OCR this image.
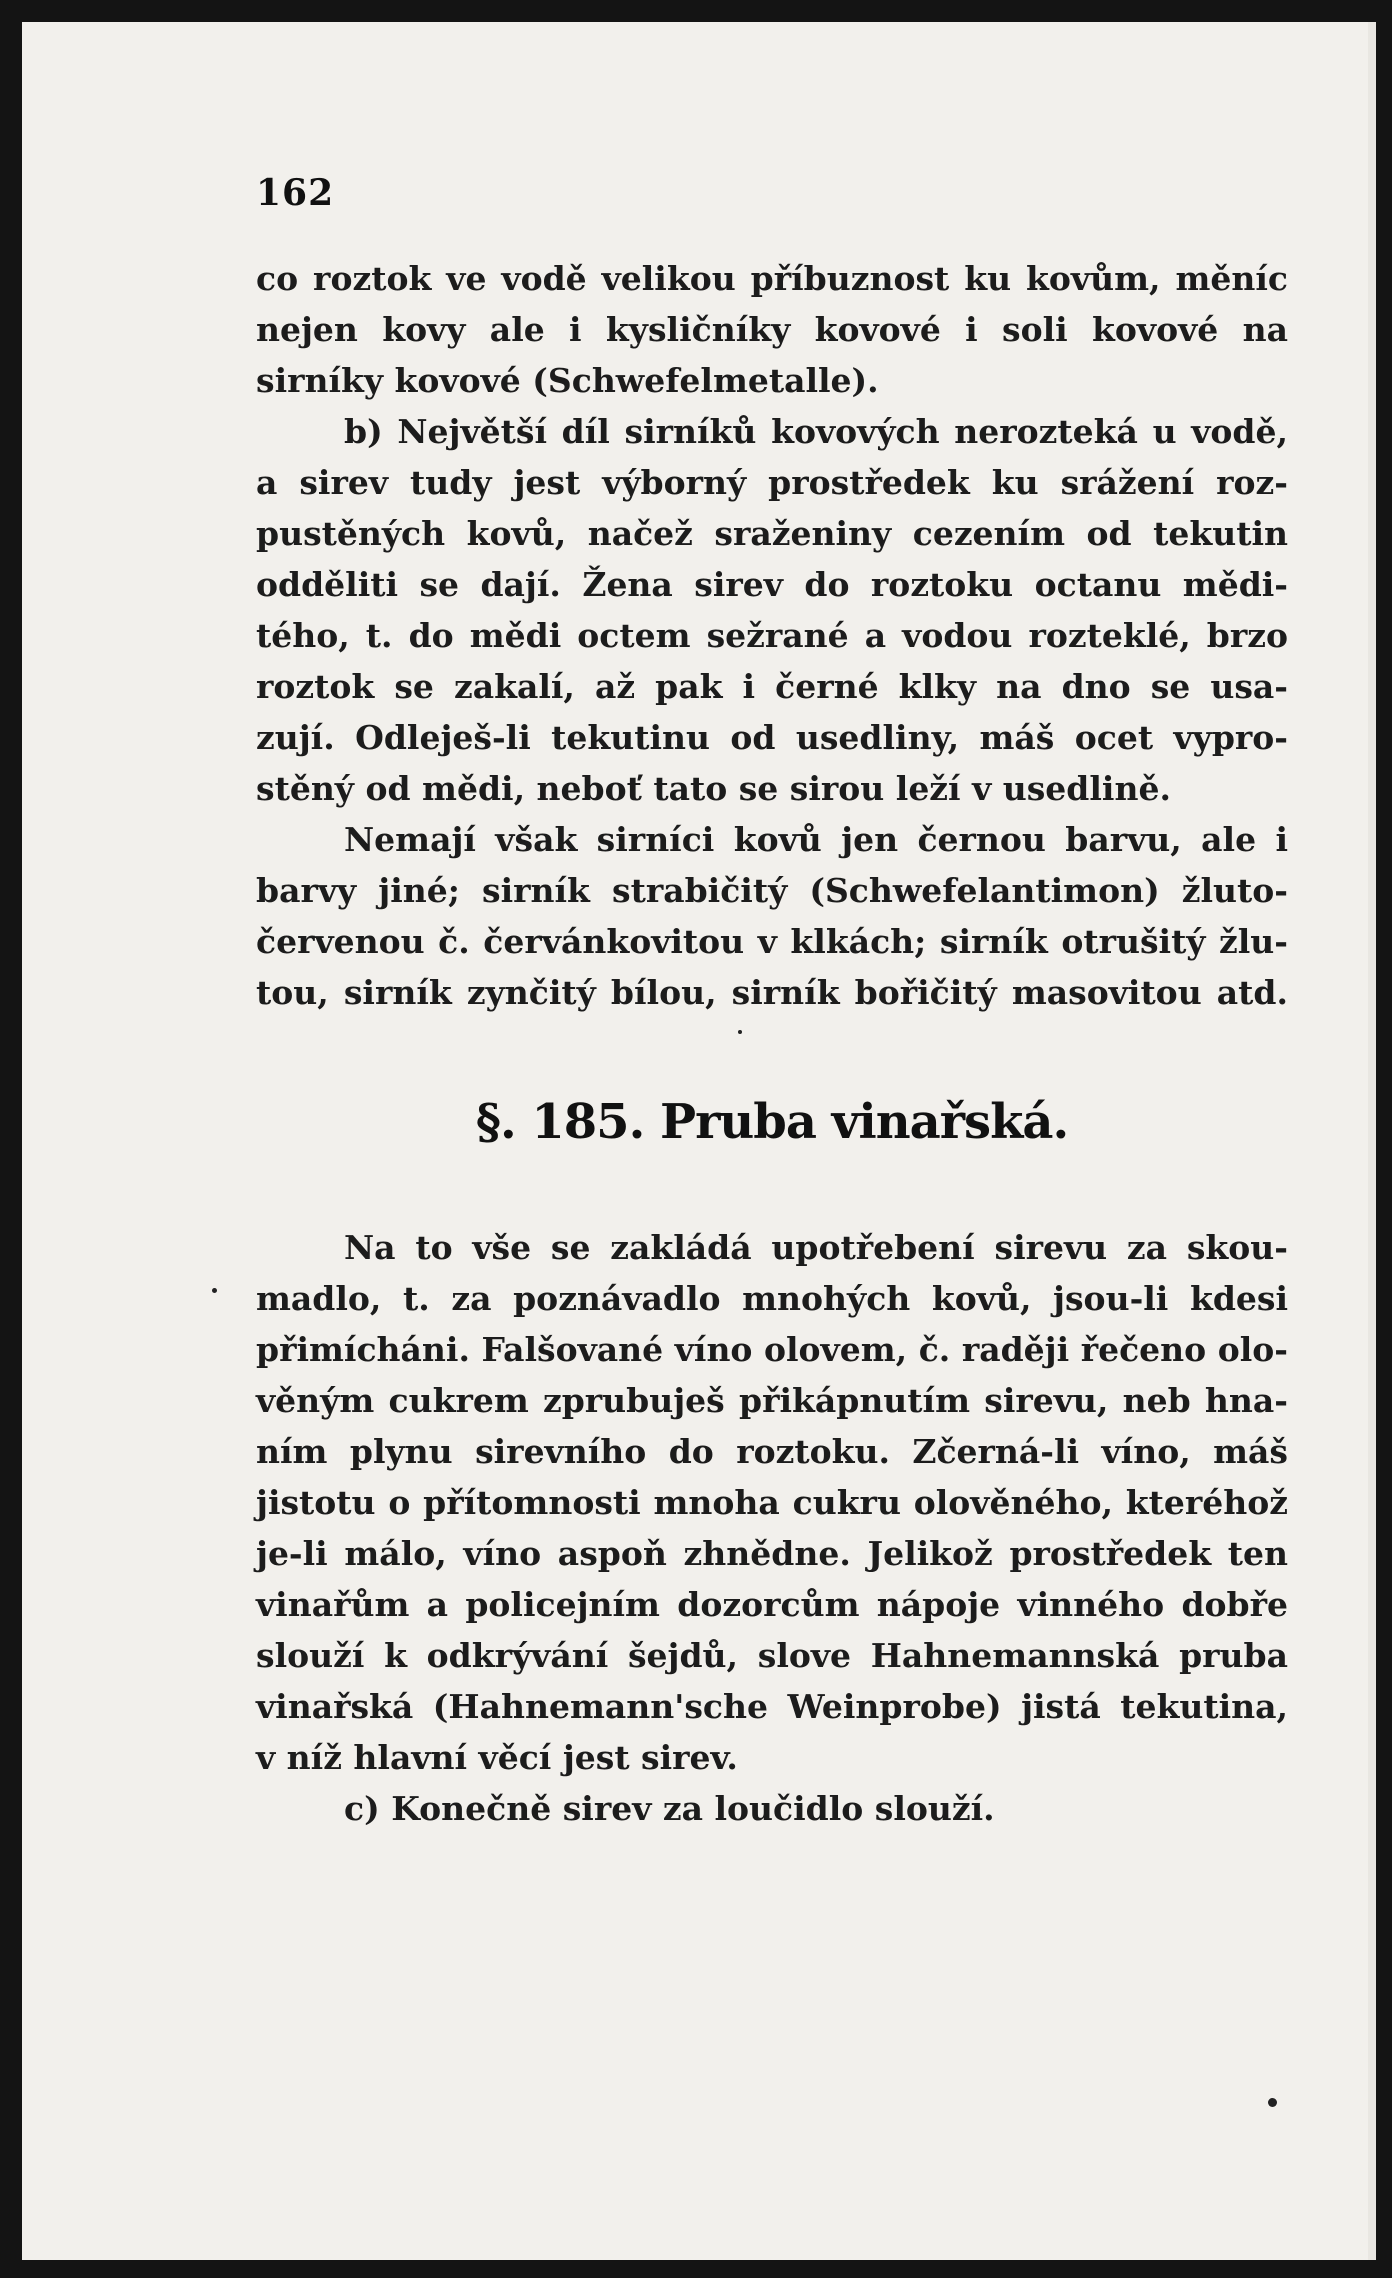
162
co roztok ve vodě velikou příbuznost ku kovům, měníc
nejen kovy ale i kysličníky kovové i soli kovové na
sirníky kovové (Schwefelmetalle).
b) Největší díl sirníků kovových nerozteká u vodě,
a sirev tudy jest výborný prostředek ku srážení roz-
pustěných kovů, načež sraženiny cezením od tekutin
odděliti se dají. Žena sirev do roztoku octanu mědi-
tého, t. do mědi octem sežrané a vodou rozteklé, brzo
roztok se zakalí, až pak i černé klky na dno se usa-
zují. Odleješ-li tekutinu od usedliny, máš ocet vypro-
stěný od mědi, neboť tato se sirou leží v usedlině.
Nemají však sirníci kovů jen černou barvu, ale i
barvy jiné; sirník strabičitý (Schwefelantimon) žluto-
červenou č. červánkovitou v klkách; sirník otrušitý žlu-
tou, sirník zynčitý bílou, sirník bořičitý masovitou atd.
§. 185. Pruba vinařská.
Na to vše se zakládá upotřebení sirevu za skou-
madlo, t. za poznávadlo mnohých kovů, jsou-li kdesi
přimícháni. Falšované víno olovem, č. raději řečeno olo-
věným cukrem zprubuješ přikápnutím sirevu, neb hna-
ním plynu sirevního do roztoku. Zčerná-li víno, máš
jistotu o přítomnosti mnoha cukru olověného, kteréhož
je-li málo, víno aspoň zhnědne. Jelikož prostředek ten
vinařům a policejním dozorcům nápoje vinného dobře
slouží k odkrývání šejdů, slove Hahnemannská pruba
vinařská (Hahnemann'sche Weinprobe) jistá tekutina,
v níž hlavní věcí jest sirev.
c) Konečně sirev za loučidlo slouží.
